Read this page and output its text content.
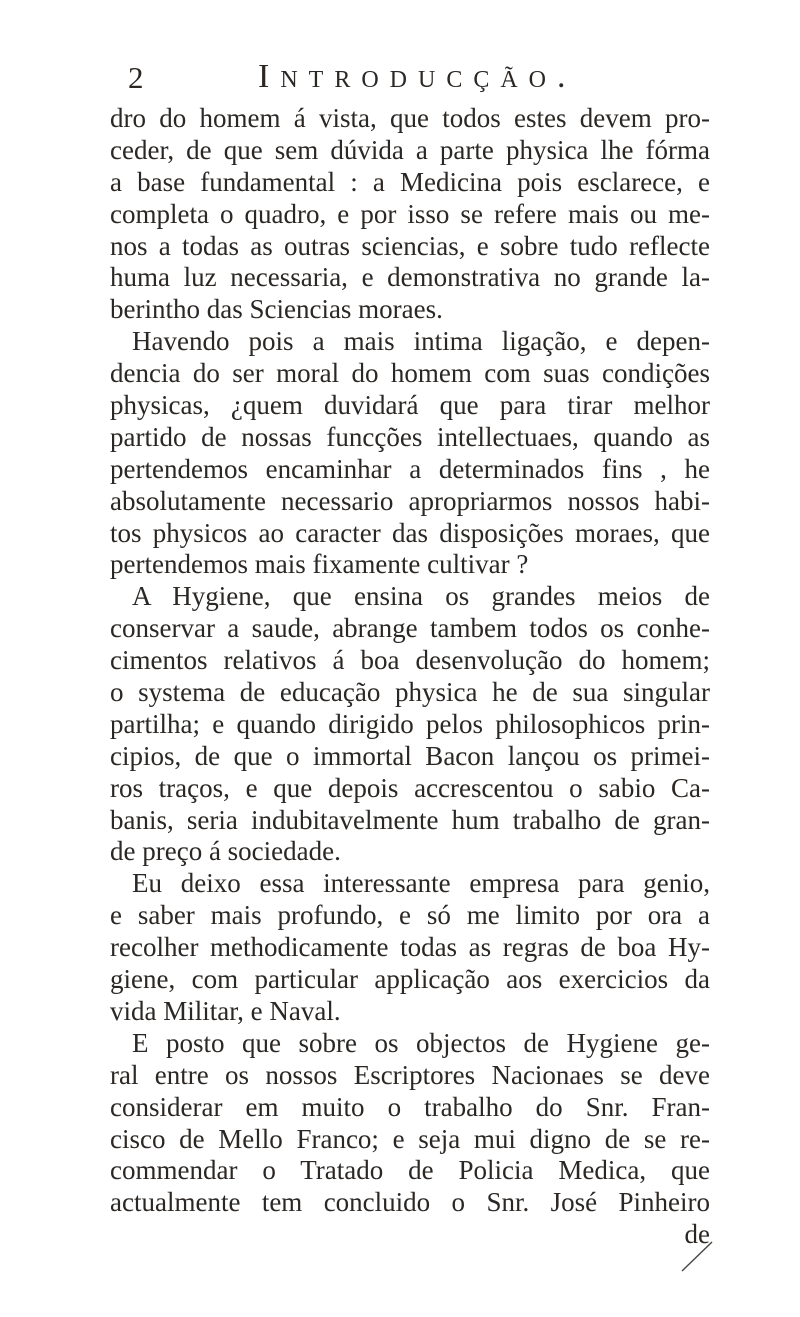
2	Introducção.
dro do homem á vista, que todos estes devem pro-
ceder, de que sem dúvida a parte physica lhe fórma
a base fundamental : a Medicina pois esclarece, e
completa o quadro, e por isso se refere mais ou me-
nos a todas as outras sciencias, e sobre tudo reflecte
huma luz necessaria, e demonstrativa no grande la-
berintho das Sciencias moraes.
Havendo pois a mais intima ligação, e depen-
dencia do ser moral do homem com suas condições
physicas, ¿quem duvidará que para tirar melhor
partido de nossas funcções intellectuaes, quando as
pertendemos encaminhar a determinados fins , he
absolutamente necessario apropriarmos nossos habi-
tos physicos ao caracter das disposições moraes, que
pertendemos mais fixamente cultivar ?
A Hygiene, que ensina os grandes meios de
conservar a saude, abrange tambem todos os conhe-
cimentos relativos á boa desenvolução do homem;
o systema de educação physica he de sua singular
partilha; e quando dirigido pelos philosophicos prin-
cipios, de que o immortal Bacon lançou os primei-
ros traços, e que depois accrescentou o sabio Ca-
banis, seria indubitavelmente hum trabalho de gran-
de preço á sociedade.
Eu deixo essa interessante empresa para genio,
e saber mais profundo, e só me limito por ora a
recolher methodicamente todas as regras de boa Hy-
giene, com particular applicação aos exercicios da
vida Militar, e Naval.
E posto que sobre os objectos de Hygiene ge-
ral entre os nossos Escriptores Nacionaes se deve
considerar em muito o trabalho do Snr. Fran-
cisco de Mello Franco; e seja mui digno de se re-
commendar o Tratado de Policia Medica, que
actualmente tem concluido o Snr. José Pinheiro
de
